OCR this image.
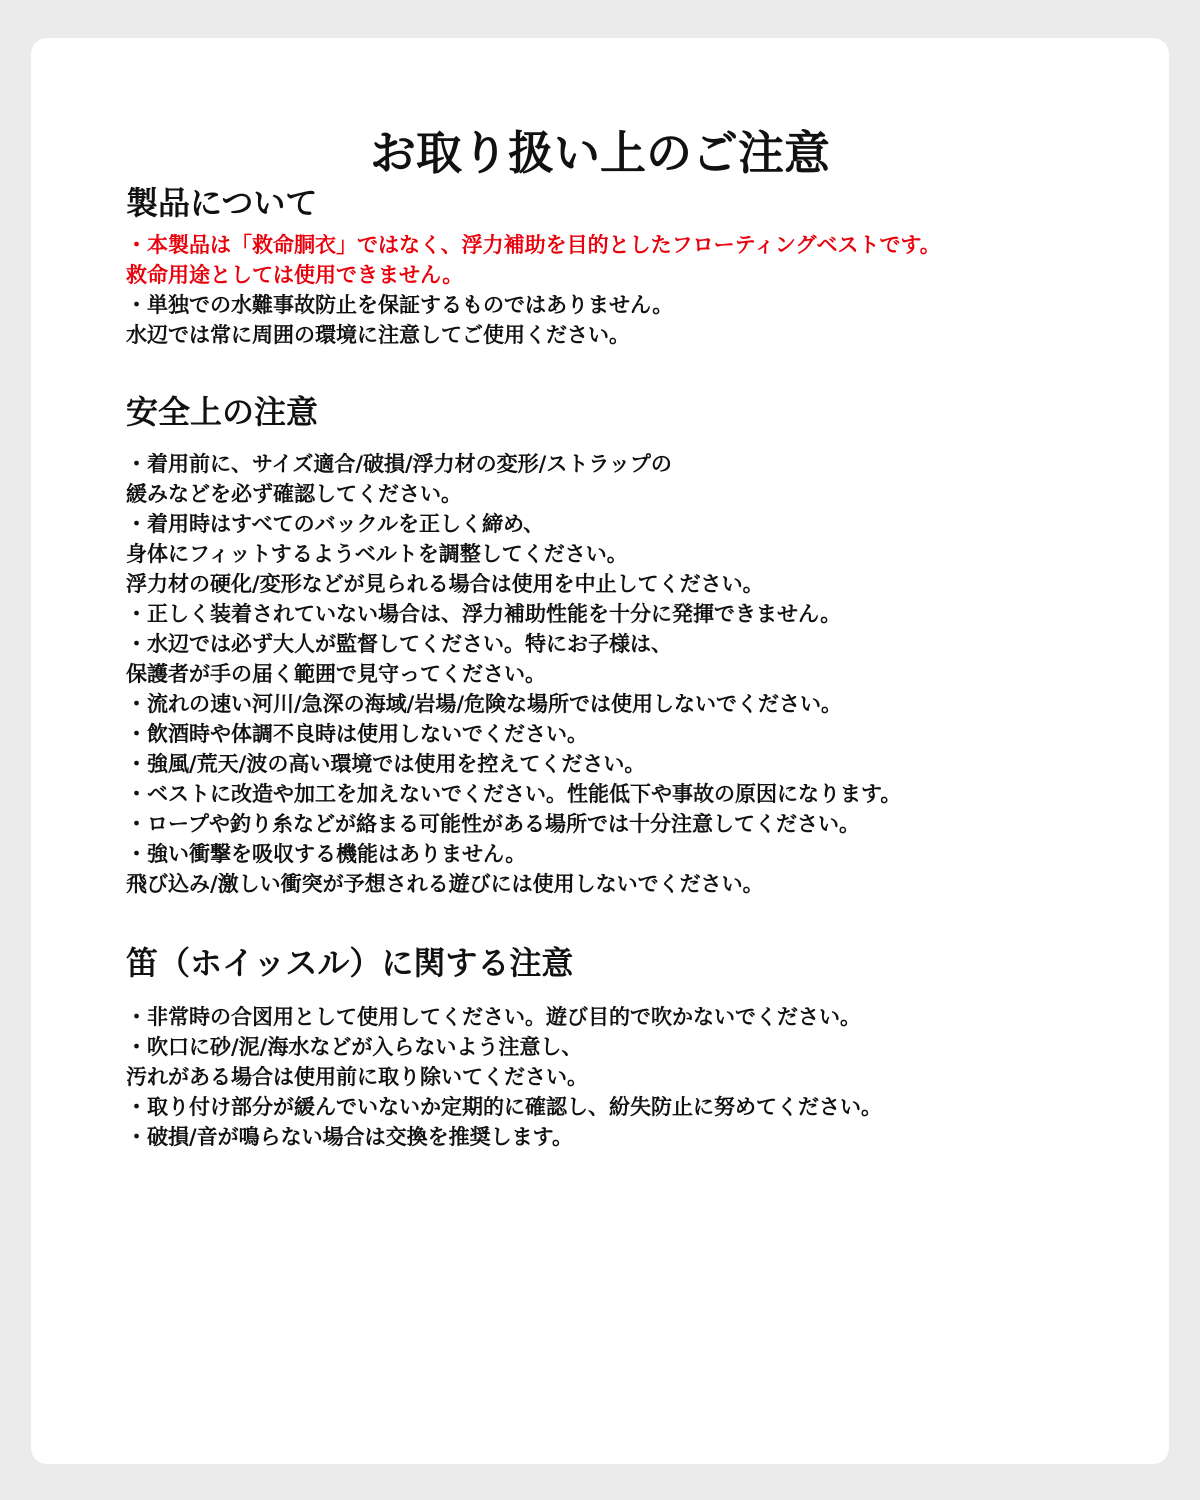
お取り扱い上のご注意
製品について
・本製品は「救命胴衣」ではなく、浮力補助を目的としたフローティングベストです。
救命用途としては使用できません。
・単独での水難事故防止を保証するものではありません。
水辺では常に周囲の環境に注意してご使用ください。
安全上の注意
・着用前に、サイズ適合/破損/浮力材の変形/ストラップの
緩みなどを必ず確認してください。
・着用時はすべてのバックルを正しく締め、
身体にフィットするようベルトを調整してください。
浮力材の硬化/変形などが見られる場合は使用を中止してください。
・正しく装着されていない場合は、浮力補助性能を十分に発揮できません。
・水辺では必ず大人が監督してください。特にお子様は、
保護者が手の届く範囲で見守ってください。
・流れの速い河川/急深の海域/岩場/危険な場所では使用しないでください。
・飲酒時や体調不良時は使用しないでください。
・強風/荒天/波の高い環境では使用を控えてください。
・ベストに改造や加工を加えないでください。性能低下や事故の原因になります。
・ロープや釣り糸などが絡まる可能性がある場所では十分注意してください。
・強い衝撃を吸収する機能はありません。
飛び込み/激しい衝突が予想される遊びには使用しないでください。
笛（ホイッスル）に関する注意
・非常時の合図用として使用してください。遊び目的で吹かないでください。
・吹口に砂/泥/海水などが入らないよう注意し、
汚れがある場合は使用前に取り除いてください。
・取り付け部分が緩んでいないか定期的に確認し、紛失防止に努めてください。
・破損/音が鳴らない場合は交換を推奨します。
